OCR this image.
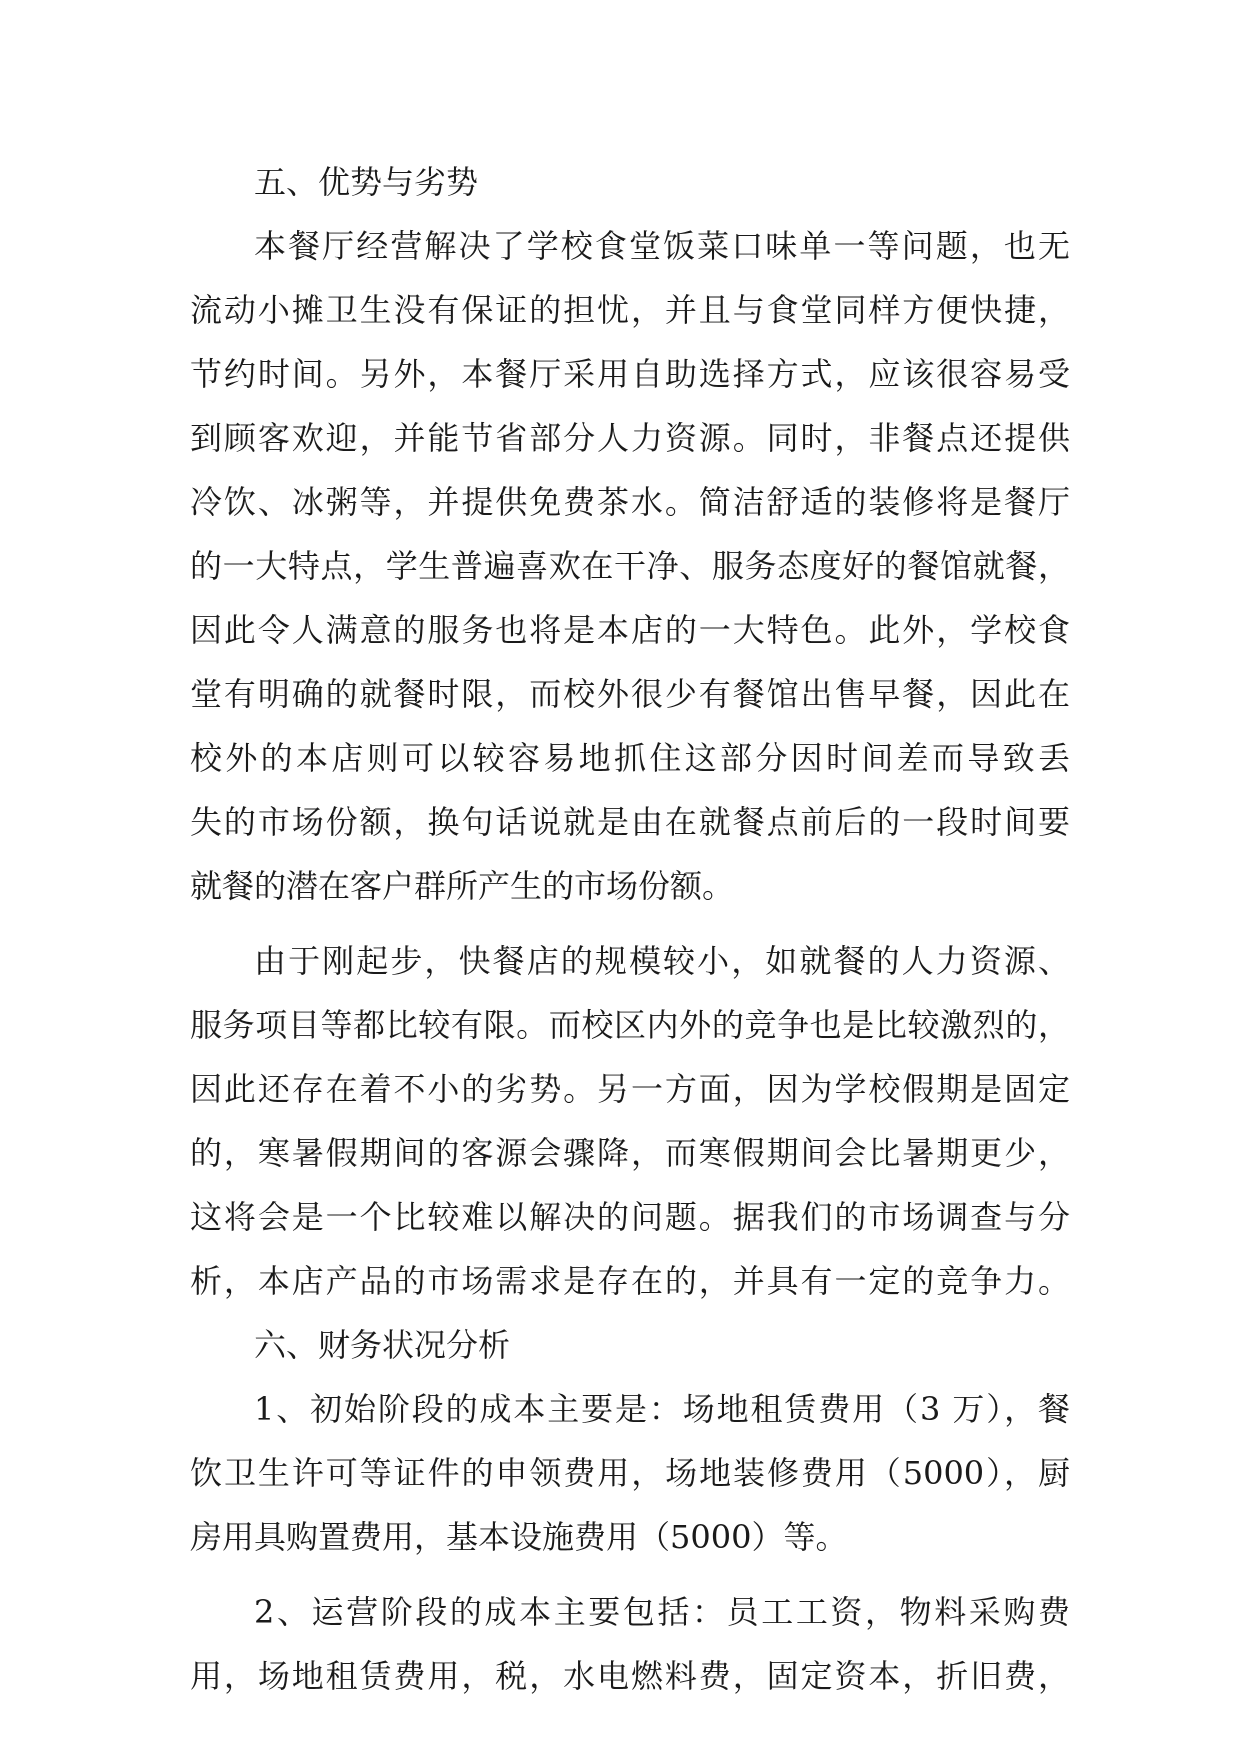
五、优势与劣势
本餐厅经营解决了学校食堂饭菜口味单一等问题，也无
流动小摊卫生没有保证的担忧，并且与食堂同样方便快捷，
节约时间。另外，本餐厅采用自助选择方式，应该很容易受
到顾客欢迎，并能节省部分人力资源。同时，非餐点还提供
冷饮、冰粥等，并提供免费茶水。简洁舒适的装修将是餐厅
的一大特点，学生普遍喜欢在干净、服务态度好的餐馆就餐，
因此令人满意的服务也将是本店的一大特色。此外，学校食
堂有明确的就餐时限，而校外很少有餐馆出售早餐，因此在
校外的本店则可以较容易地抓住这部分因时间差而导致丢
失的市场份额，换句话说就是由在就餐点前后的一段时间要
就餐的潜在客户群所产生的市场份额。
由于刚起步，快餐店的规模较小，如就餐的人力资源、
服务项目等都比较有限。而校区内外的竞争也是比较激烈的，
因此还存在着不小的劣势。另一方面，因为学校假期是固定
的，寒暑假期间的客源会骤降，而寒假期间会比暑期更少，
这将会是一个比较难以解决的问题。据我们的市场调查与分
析，本店产品的市场需求是存在的，并具有一定的竞争力。
六、财务状况分析
1、初始阶段的成本主要是：场地租赁费用（3 万），餐
饮卫生许可等证件的申领费用，场地装修费用（5000），厨
房用具购置费用，基本设施费用（5000）等。
2、运营阶段的成本主要包括：员工工资，物料采购费
用，场地租赁费用，税，水电燃料费，固定资本，折旧费，
